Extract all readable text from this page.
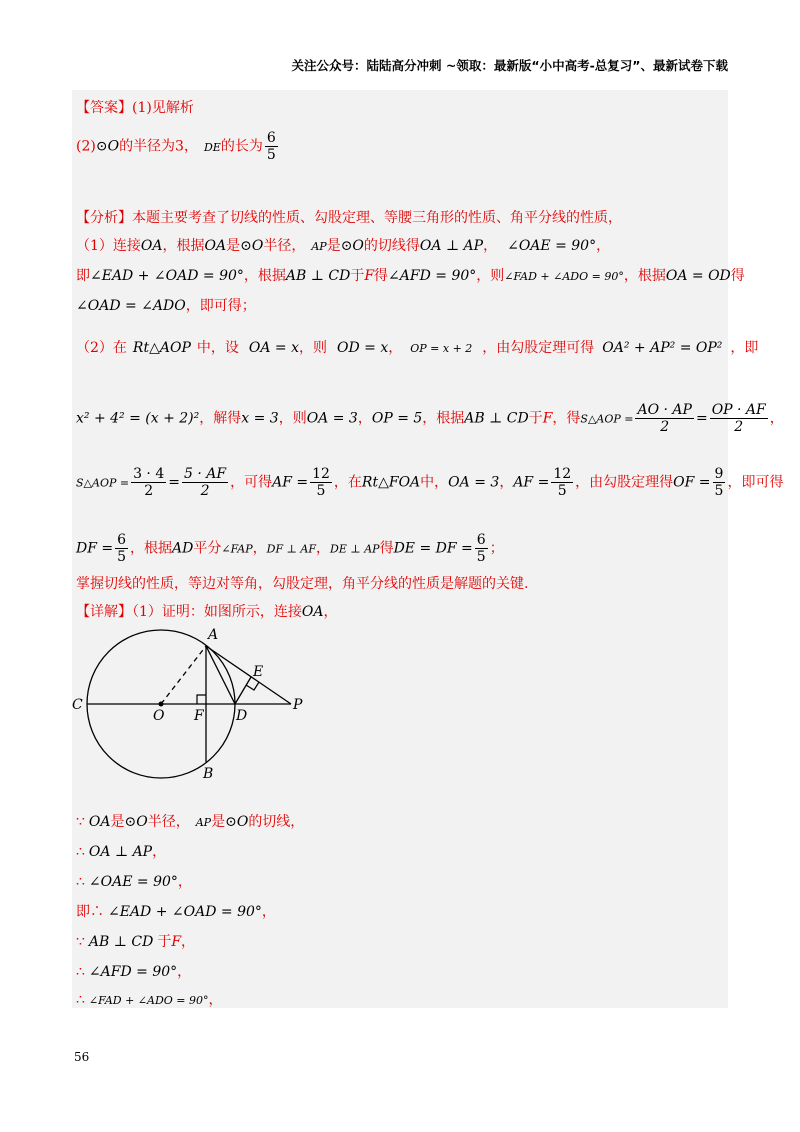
关注公众号：陆陆高分冲刺 ~领取：最新版“小中高考-总复习”、最新试卷下载
【答案】(1)见解析
(2)⊙O的半径为3， DE的长为 $\frac{6}{5}$
【分析】本题主要考查了切线的性质、勾股定理、等腰三角形的性质、角平分线的性质，
（1）连接OA，根据OA是⊙O半径， AP是⊙O的切线得OA ⊥ AP， ∠OAE = 90°，
即∠EAD + ∠OAD = 90°，根据AB ⊥ CD于F得∠AFD = 90°，则∠FAD + ∠ADO = 90°，根据OA = OD得
∠OAD = ∠ADO，即可得；
（2）在 Rt△AOP 中，设 OA = x，则 OD = x， OP = x + 2 ，由勾股定理可得 OA² + AP² = OP² ，即
x² + 4² = (x + 2)²，解得x = 3，则OA = 3，OP = 5，根据AB ⊥ CD于F，得S△AOP = $\frac{AO \cdot AP}{2} = \frac{OP \cdot AF}{2}$ ，
S△AOP = $\frac{3 \cdot 4}{2} = \frac{5 \cdot AF}{2}$ ，可得AF = $\frac{12}{5}$ ，在Rt△FOA中，OA = 3，AF = $\frac{12}{5}$ ，由勾股定理得OF = $\frac{9}{5}$ ，即可得
DF = $\frac{6}{5}$ ，根据AD平分∠FAP，DF ⊥ AF，DE ⊥ AP得DE = DF = $\frac{6}{5}$ ；
掌握切线的性质，等边对等角，勾股定理，角平分线的性质是解题的关键.
【详解】（1）证明：如图所示，连接OA，
A
B
C
D
E
F
O
P
∵ OA是⊙O半径， AP是⊙O的切线，
∴ OA ⊥ AP，
∴ ∠OAE = 90°，
即∴ ∠EAD + ∠OAD = 90°，
∵ AB ⊥ CD 于F，
∴ ∠AFD = 90°，
∴ ∠FAD + ∠ADO = 90°，
56
